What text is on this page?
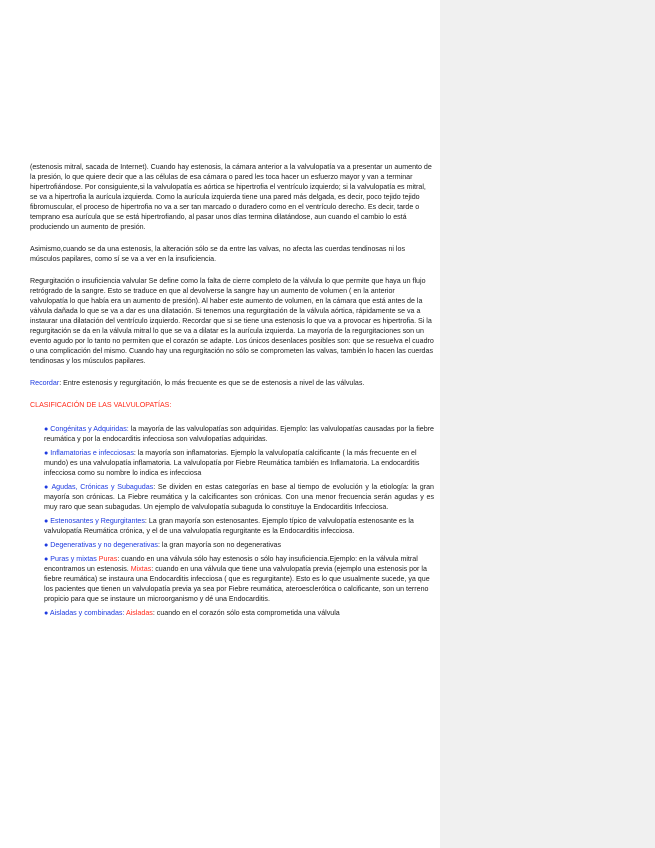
(estenosis mitral, sacada de Internet). Cuando hay estenosis, la cámara anterior a la valvulopatía va a presentar un aumento de la presión, lo que quiere decir que a las células de esa cámara o pared les toca hacer un esfuerzo mayor y van a terminar hipertrofiándose. Por consiguiente,si la valvulopatía es aórtica se hipertrofia el ventrículo izquierdo; si la valvulopatía es mitral, se va a hipertrofia la aurícula izquierda. Como la aurícula izquierda tiene una pared más delgada, es decir, poco tejido tejido fibromuscular, el proceso de hipertrofia no va a ser tan marcado o duradero como en el ventrículo derecho. Es decir, tarde o temprano esa aurícula que se está hipertrofiando, al pasar unos días termina dilatándose, aun cuando el cambio lo está produciendo un aumento de presión.

Asimismo,cuando se da una estenosis, la alteración sólo se da entre las valvas, no afecta las cuerdas tendinosas ni los músculos papilares, como sí se va a ver en la insuficiencia.

Regurgitación o insuficiencia valvular Se define como la falta de cierre completo de la válvula lo que permite que haya un flujo retrógrado de la sangre. Esto se traduce en que al devolverse la sangre hay un aumento de volumen ( en la anterior valvulopatía lo que había era un aumento de presión). Al haber este aumento de volumen, en la cámara que está antes de la válvula dañada lo que se va a dar es una dilatación. Si tenemos una regurgitación de la válvula aórtica, rápidamente se va a instaurar una dilatación del ventrículo izquierdo. Recordar que si se tiene una estenosis lo que va a provocar es hipertrofia. Si la regurgitación se da en la válvula mitral lo que se va a dilatar es la aurícula izquierda. La mayoría de la regurgitaciones son un evento agudo por lo tanto no permiten que el corazón se adapte. Los únicos desenlaces posibles son: que se resuelva el cuadro o una complicación del mismo. Cuando hay una regurgitación no sólo se comprometen las valvas, también lo hacen las cuerdas tendinosas y los músculos papilares.

Recordar: Entre estenosis y regurgitación, lo más frecuente es que se de estenosis a nivel de las válvulas.

CLASIFICACIÓN DE LAS VALVULOPATÍAS:
● Congénitas y Adquiridas: la mayoría de las valvulopatías son adquiridas. Ejemplo: las valvulopatías causadas por la fiebre reumática y por la endocarditis infecciosa son valvulopatías adquiridas.
● Inflamatorias e infecciosas: la mayoría son inflamatorias. Ejemplo la valvulopatía calcificante ( la más frecuente en el mundo) es una valvulopatía inflamatoria. La valvulopatía por Fiebre Reumática también es Inflamatoria. La endocarditis infecciosa como su nombre lo indica es infecciosa
● Agudas, Crónicas y Subagudas: Se dividen en estas categorías en base al tiempo de evolución y la etiología: la gran mayoría son crónicas. La Fiebre reumática y la calcificantes son crónicas. Con una menor frecuencia serán agudas y es muy raro que sean subagudas. Un ejemplo de valvulopatía subaguda lo constituye la Endocarditis Infecciosa.
● Estenosantes y Regurgitantes: La gran mayoría son estenosantes. Ejemplo típico de valvulopatía estenosante es la valvulopatía Reumática crónica, y el de una valvulopatía regurgitante es la Endocarditis infecciosa.
● Degenerativas y no degenerativas: la gran mayoría son no degenerativas
● Puras y mixtas Puras: cuando en una válvula sólo hay estenosis o sólo hay insuficiencia.Ejemplo: en la válvula mitral encontramos un estenosis. Mixtas: cuando en una válvula que tiene una valvulopatía previa (ejemplo una estenosis por la fiebre reumática) se instaura una Endocarditis infecciosa ( que es regurgitante). Esto es lo que usualmente sucede, ya que los pacientes que tienen un valvulopatía previa ya sea por Fiebre reumática, ateroesclerótica o calcificante, son un terreno propicio para que se instaure un microorganismo y dé una Endocarditis.
● Aisladas y combinadas: Aisladas: cuando en el corazón sólo esta comprometida una válvula
